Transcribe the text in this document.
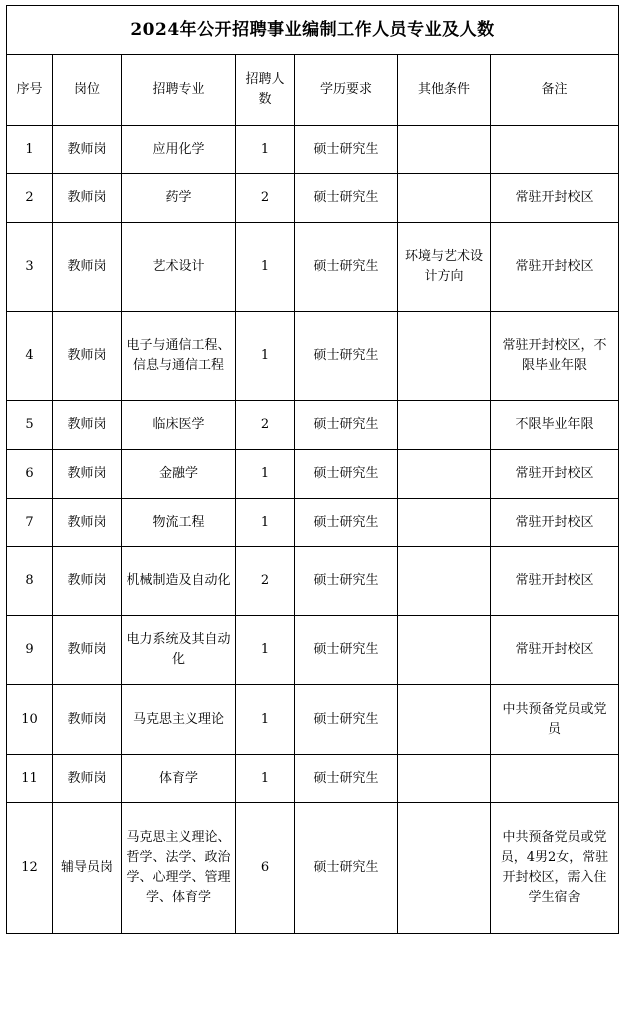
2024年公开招聘事业编制工作人员专业及人数						
序号	岗位	招聘专业	招聘人数	学历要求	其他条件	备注
1	教师岗	应用化学	1	硕士研究生		
2	教师岗	药学	2	硕士研究生		常驻开封校区
3	教师岗	艺术设计	1	硕士研究生	环境与艺术设计方向	常驻开封校区
4	教师岗	电子与通信工程、信息与通信工程	1	硕士研究生		常驻开封校区，不限毕业年限
5	教师岗	临床医学	2	硕士研究生		不限毕业年限
6	教师岗	金融学	1	硕士研究生		常驻开封校区
7	教师岗	物流工程	1	硕士研究生		常驻开封校区
8	教师岗	机械制造及自动化	2	硕士研究生		常驻开封校区
9	教师岗	电力系统及其自动化	1	硕士研究生		常驻开封校区
10	教师岗	马克思主义理论	1	硕士研究生		中共预备党员或党员
11	教师岗	体育学	1	硕士研究生		
12	辅导员岗	马克思主义理论、哲学、法学、政治学、心理学、管理学、体育学	6	硕士研究生		中共预备党员或党员，4男2女，常驻开封校区，需入住学生宿舍
